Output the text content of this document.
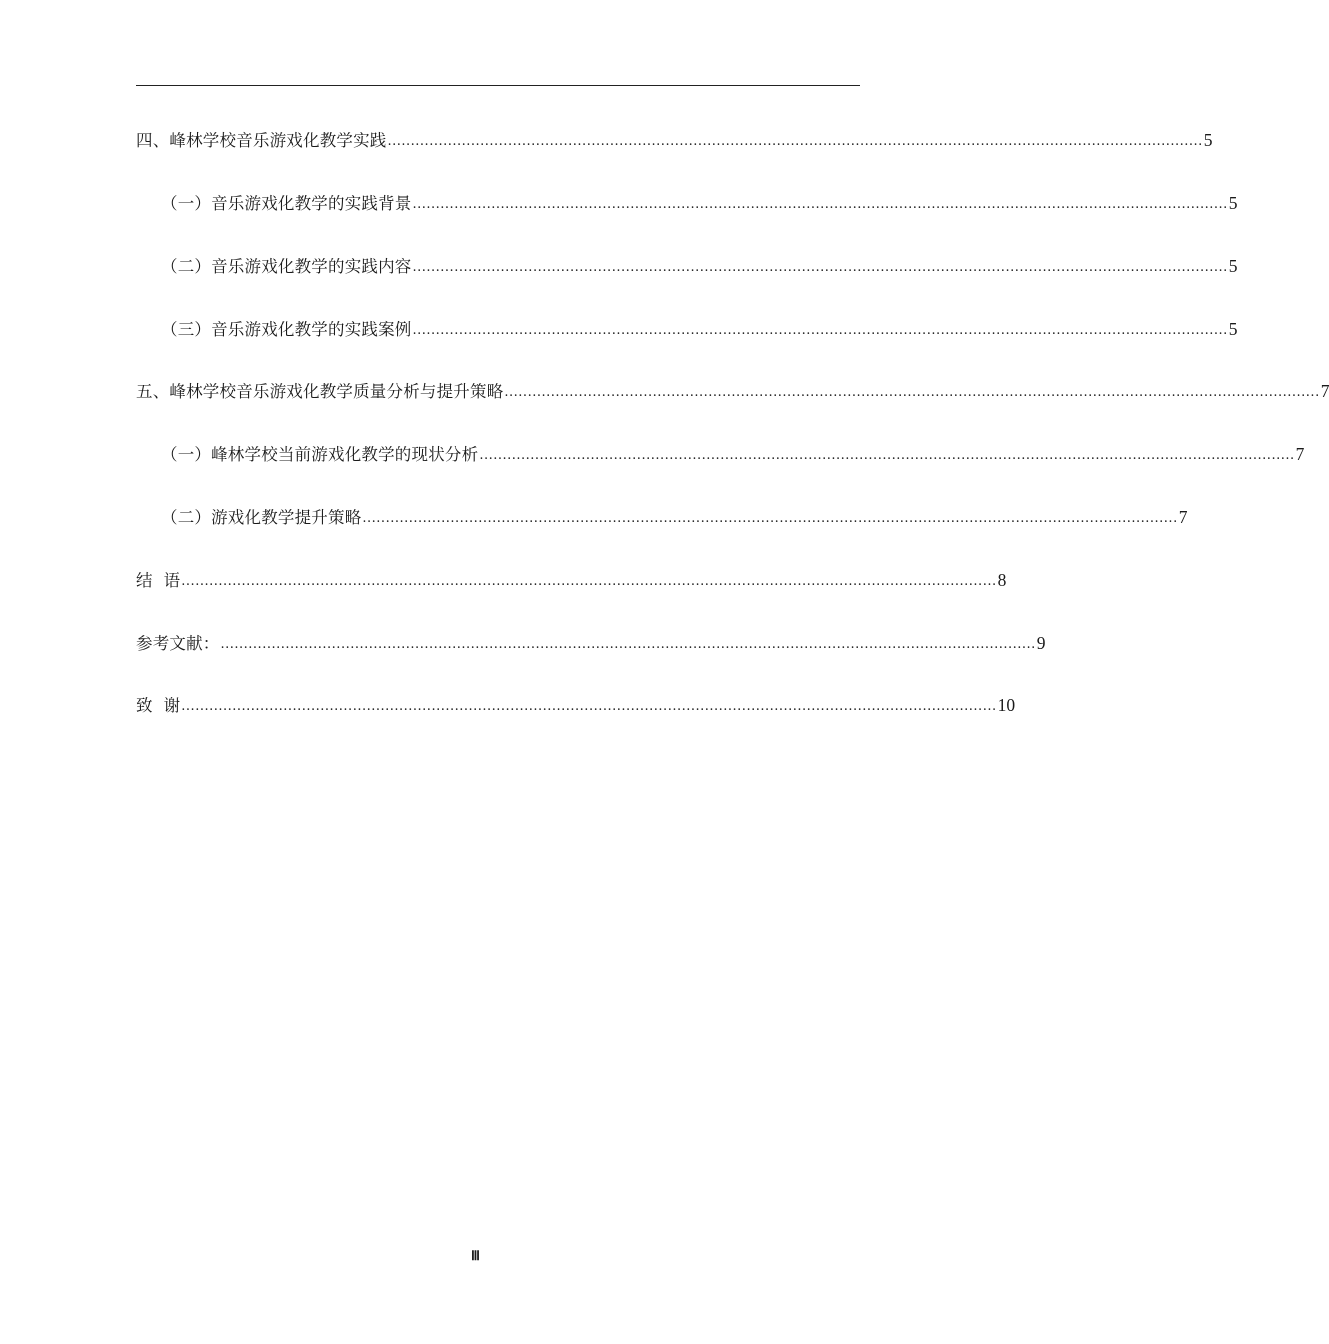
四、峰林学校音乐游戏化教学实践 ................................................................................................................................................................................ 5
（一）音乐游戏化教学的实践背景 ................................................................................................................................................................................ 5
（二）音乐游戏化教学的实践内容 ................................................................................................................................................................................ 5
（三）音乐游戏化教学的实践案例 ................................................................................................................................................................................ 5
五、峰林学校音乐游戏化教学质量分析与提升策略 ................................................................................................................................................................................ 7
（一）峰林学校当前游戏化教学的现状分析 ................................................................................................................................................................................ 7
（二）游戏化教学提升策略 ................................................................................................................................................................................ 7
结  语 ................................................................................................................................................................................ 8
参考文献： ................................................................................................................................................................................ 9
致  谢 ................................................................................................................................................................................ 10
Ⅲ
